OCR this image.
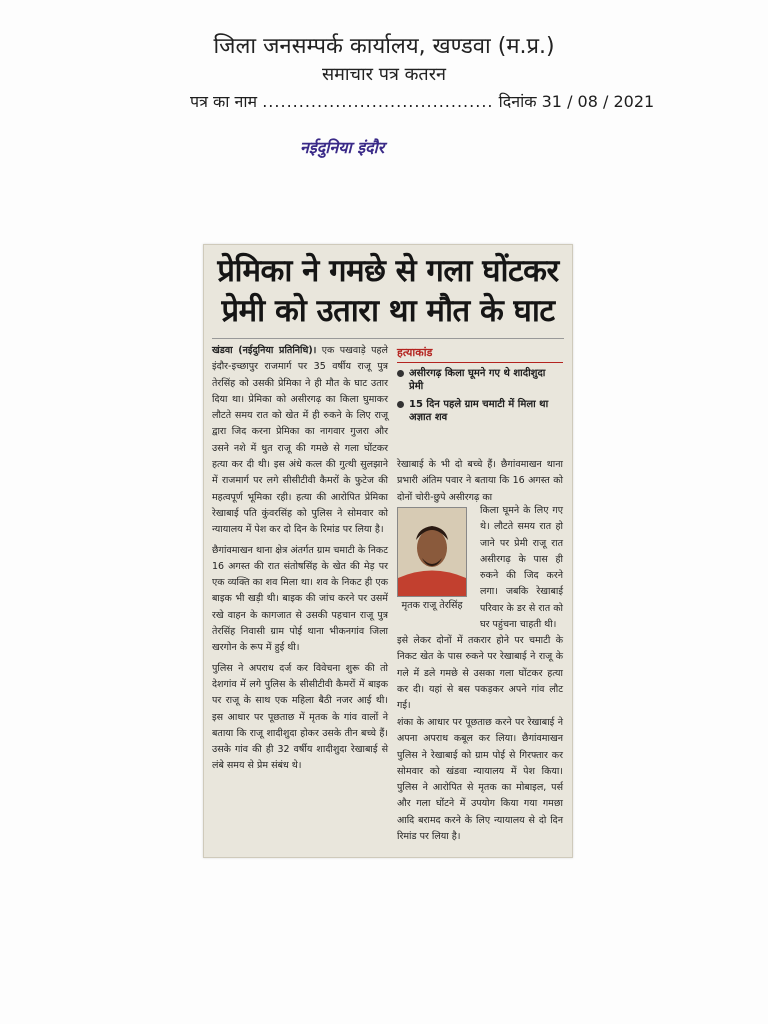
जिला जनसम्पर्क कार्यालय, खण्डवा (म.प्र.)
समाचार पत्र कतरन
पत्र का नाम ...................................... दिनांक 31 / 08 / 2021
नईदुनिया इंदौर
प्रेमिका ने गमछे से गला घोंटकर
प्रेमी को उतारा था मौत के घाट

खंडवा (नईदुनिया प्रतिनिधि)। एक पखवाड़े पहले इंदौर-इच्छापुर राजमार्ग पर 35 वर्षीय राजू पुत्र तेरसिंह को उसकी प्रेमिका ने ही मौत के घाट उतार दिया था। प्रेमिका को असीरगढ़ का किला घुमाकर लौटते समय रात को खेत में ही रुकने के लिए राजू द्वारा जिद करना प्रेमिका का नागवार गुजरा और उसने नशे में धुत राजू की गमछे से गला घोंटकर हत्या कर दी थी। इस अंधे कत्ल की गुत्थी सुलझाने में राजमार्ग पर लगे सीसीटीवी कैमरों के फुटेज की महत्वपूर्ण भूमिका रही। हत्या की आरोपित प्रेमिका रेखाबाई पति कुंवरसिंह को पुलिस ने सोमवार को न्यायालय में पेश कर दो दिन के रिमांड पर लिया है।

छैगांवमाखन थाना क्षेत्र अंतर्गत ग्राम चमाटी के निकट 16 अगस्त की रात संतोषसिंह के खेत की मेड़ पर एक व्यक्ति का शव मिला था। शव के निकट ही एक बाइक भी खड़ी थी। बाइक की जांच करने पर उसमें रखे वाहन के कागजात से उसकी पहचान राजू पुत्र तेरसिंह निवासी ग्राम पोई थाना भीकनगांव जिला खरगोन के रूप में हुई थी।

पुलिस ने अपराध दर्ज कर विवेचना शुरू की तो देशगांव में लगे पुलिस के सीसीटीवी कैमरों में बाइक पर राजू के साथ एक महिला बैठी नजर आई थी। इस आधार पर पूछताछ में मृतक के गांव वालों ने बताया कि राजू शादीशुदा होकर उसके तीन बच्चे हैं। उसके गांव की ही 32 वर्षीय शादीशुदा रेखाबाई से लंबे समय से प्रेम संबंध थे।

हत्याकांड
असीरगढ़ किला घूमने गए थे शादीशुदा प्रेमी
15 दिन पहले ग्राम चमाटी में मिला था अज्ञात शव
रेखाबाई के भी दो बच्चे हैं। छैगांवमाखन थाना प्रभारी अंतिम पवार ने बताया कि 16 अगस्त को दोनों चोरी-छुपे असीरगढ़ का
मृतक राजू तेरसिंह
किला घूमने के लिए गए थे। लौटते समय रात हो जाने पर प्रेमी राजू रात असीरगढ़ के पास ही रुकने की जिद करने लगा। जबकि रेखाबाई परिवार के डर से रात को घर पहुंचना चाहती थी।
इसे लेकर दोनों में तकरार होने पर चमाटी के निकट खेत के पास रुकने पर रेखाबाई ने राजू के गले में डले गमछे से उसका गला घोंटकर हत्या कर दी। यहां से बस पकड़कर अपने गांव लौट गई।
शंका के आधार पर पूछताछ करने पर रेखाबाई ने अपना अपराध कबूल कर लिया। छैगांवमाखन पुलिस ने रेखाबाई को ग्राम पोई से गिरफ्तार कर सोमवार को खंडवा न्यायालय में पेश किया। पुलिस ने आरोपित से मृतक का मोबाइल, पर्स और गला घोंटने में उपयोग किया गया गमछा आदि बरामद करने के लिए न्यायालय से दो दिन रिमांड पर लिया है।
